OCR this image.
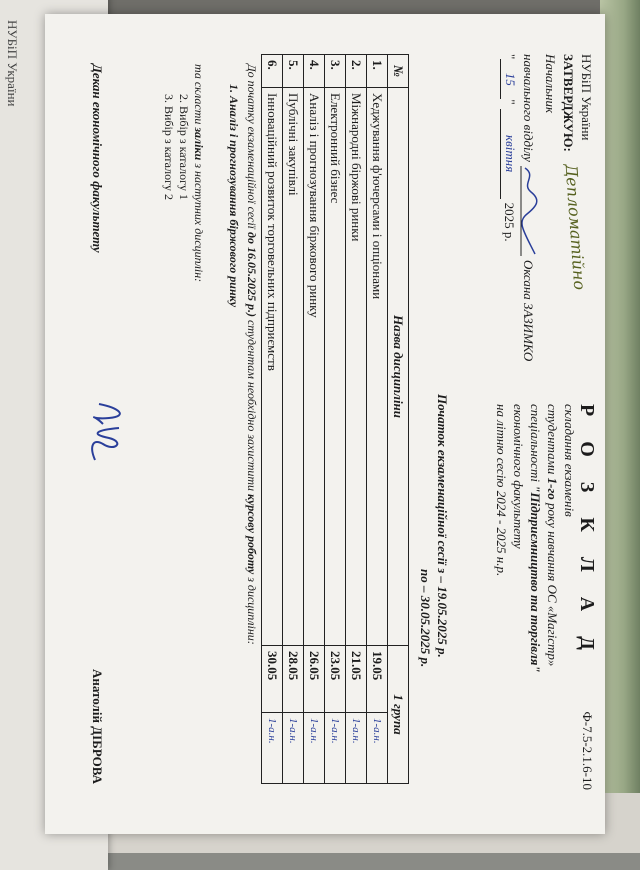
НУБіП України
Ф-7.5-2.1.6-10
НУБіП України
ЗАТВЕРДЖУЮ:
Начальник
навчального відділу
Оксана ЗАЗИМКО
"15"
квітня
2025 р.	Депломатійно
Р О З К Л А Д
складання екзаменів
студентами 1-го року навчання ОС «Магістр»
спеціальності "Підприємництво та торгівля"
економічного факультету
на літню сесію 2024 - 2025 н.р.
Початок екзаменаційної сесії з – 19.05.2025 р.
по – 30.05.2025 р.
№	Назва дисципліни	1 група	
1.	Хеджування ф'ючерсами і опціонами	19.05	1-а.н.
2.	Міжнародні біржові ринки	21.05	1-а.н.
3.	Електронний бізнес	23.05	1-а.н.
4.	Аналіз і прогнозування біржового ринку	26.05	1-а.н.
5.	Публічні закупівлі	28.05	1-а.н.
6.	Інноваційний розвиток торговельних підприємств	30.05	1-а.н.
До початку екзаменаційної сесії до 16.05.2025 р.) студентам необхідно захистити курсову роботу з дисципліни:
1. Аналіз і прогнозування біржового ринку
та скласти заліки з наступних дисциплін:
2. Вибір з каталогу 1
3. Вибір з каталогу 2
Декан економічного факультету
Анатолій ДІБРОВА
